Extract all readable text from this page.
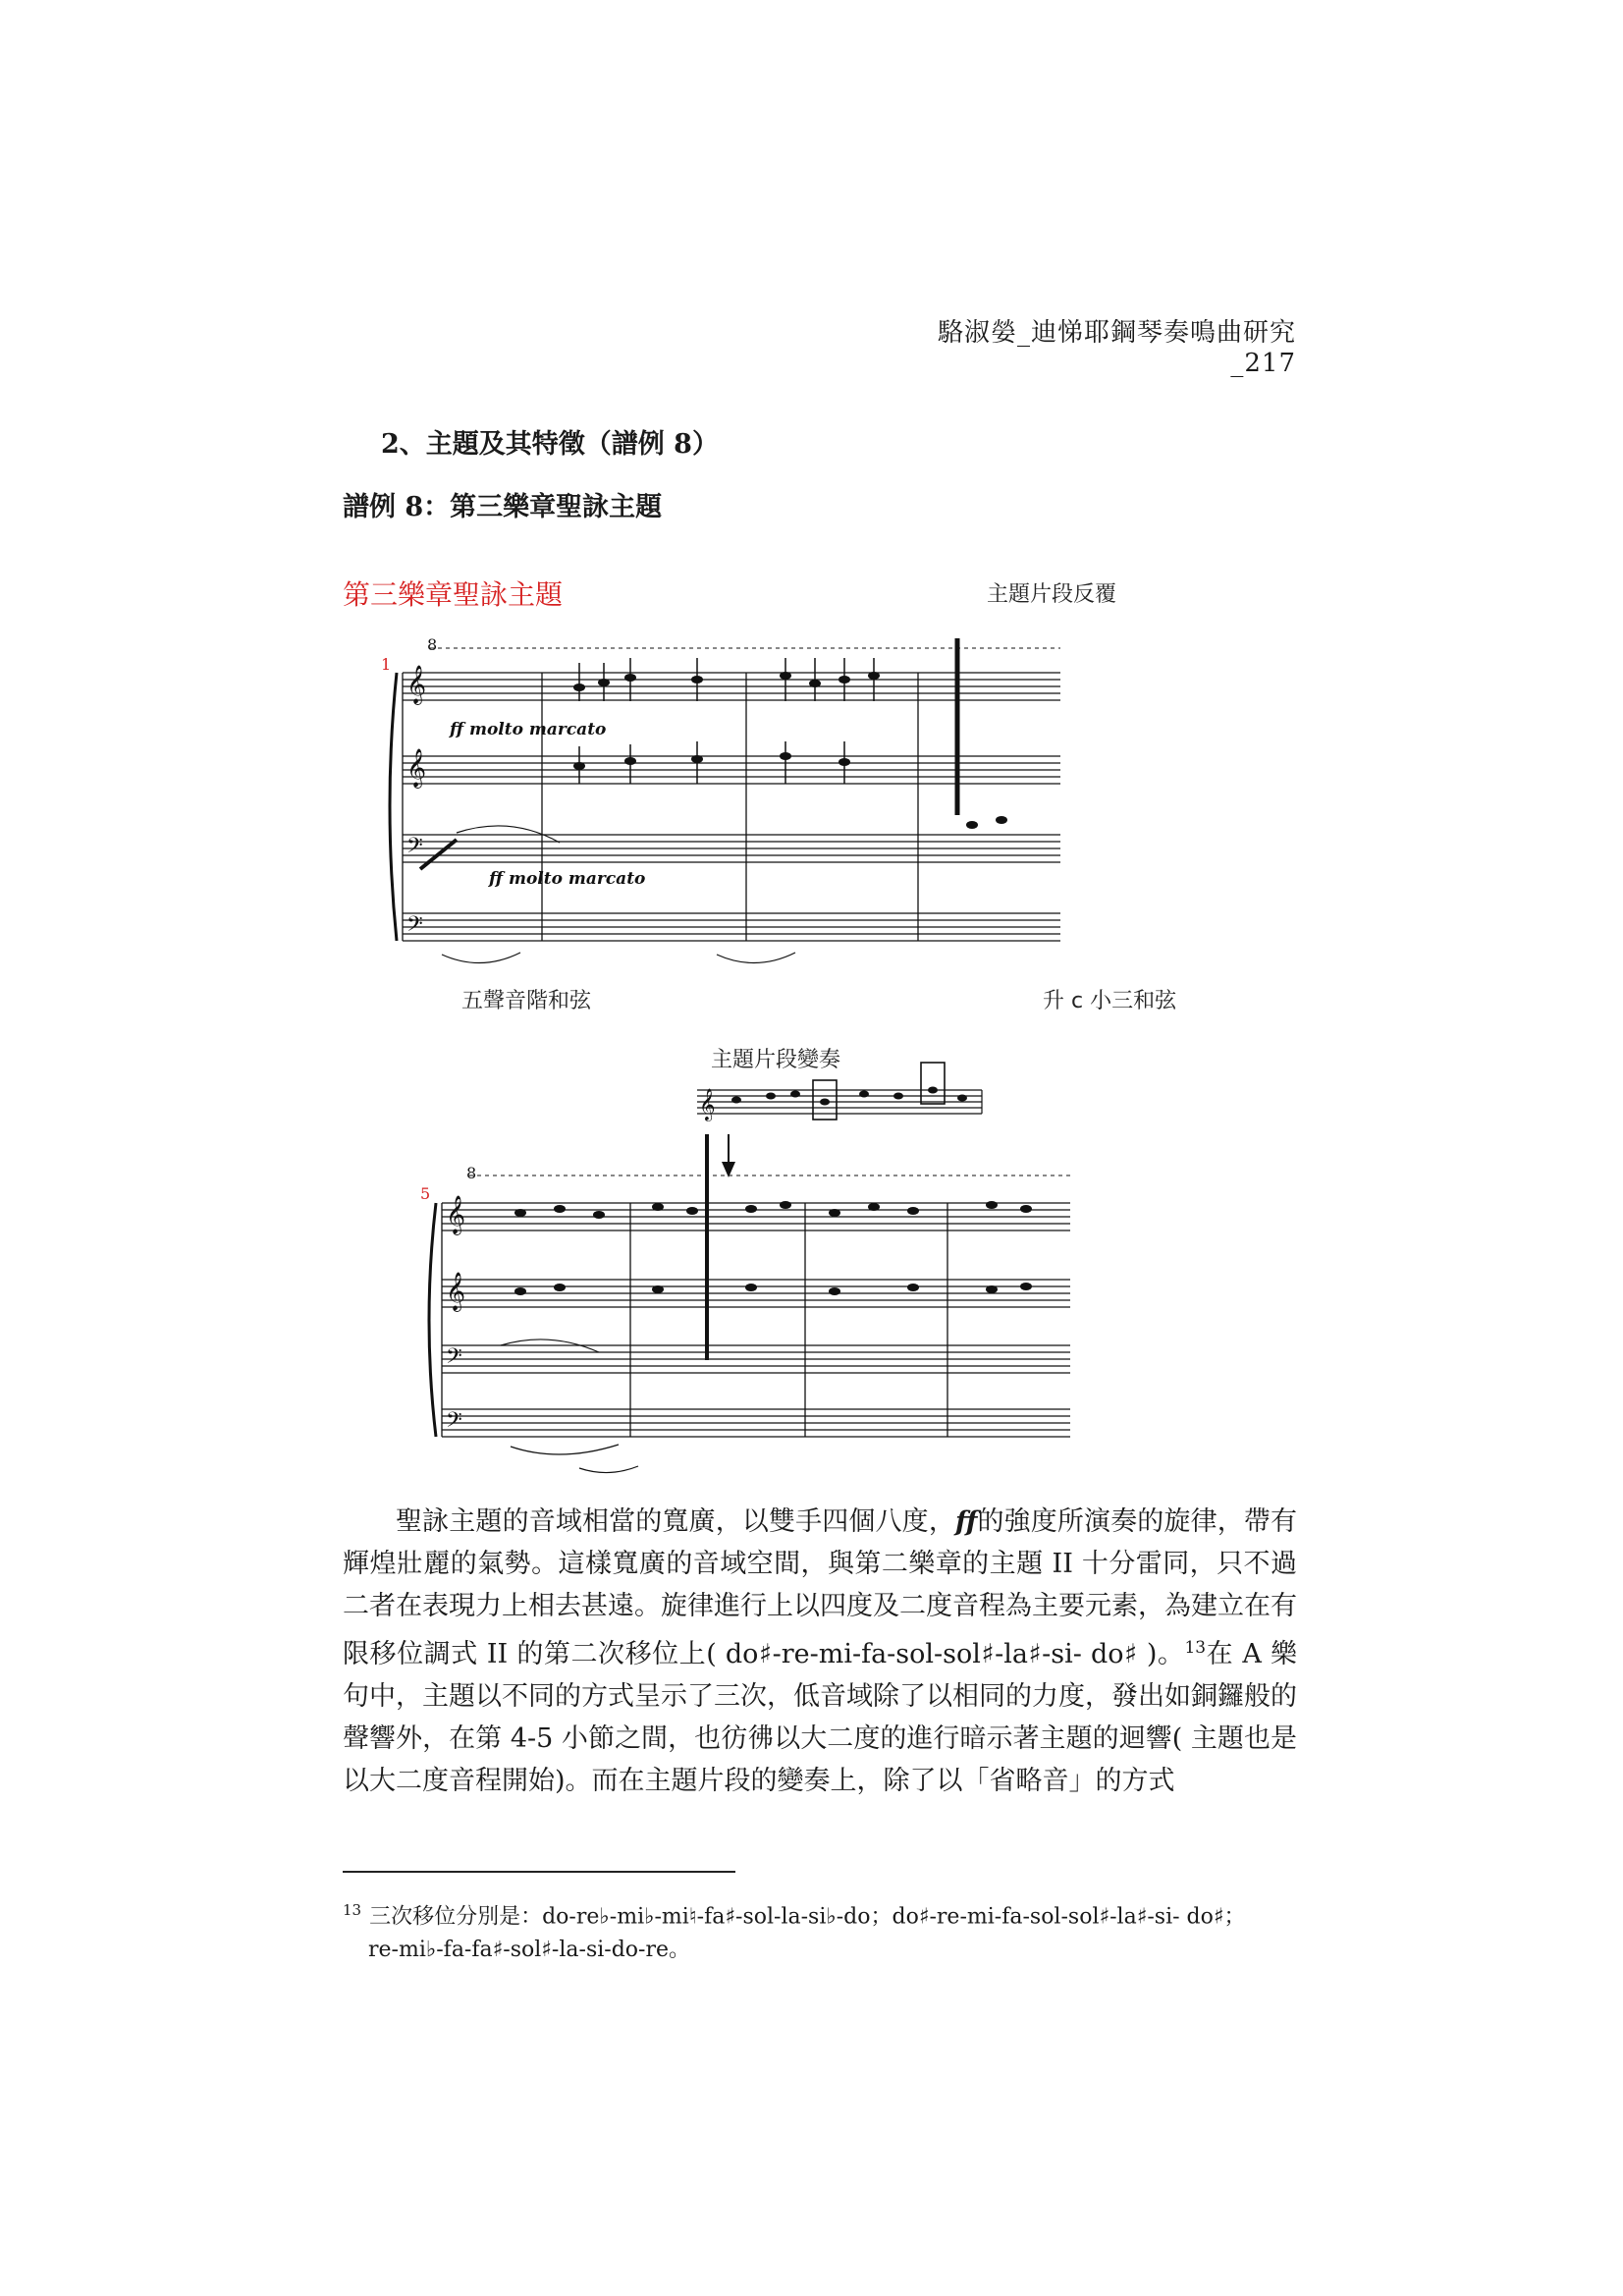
駱淑嫈_迪悌耶鋼琴奏鳴曲研究 _217
2、主題及其特徵（譜例 8）
譜例 8：第三樂章聖詠主題
第三樂章聖詠主題	主題片段反覆
8
1
ff molto marcato
ff molto marcato
𝄞
𝄞
𝄢
𝄢
五聲音階和弦	升 c 小三和弦
主題片段變奏
𝄞
8
5
𝄞
𝄞
𝄢
𝄢

聖詠主題的音域相當的寬廣，以雙手四個八度，ff的強度所演奏的旋律，帶有輝煌壯麗的氣勢。這樣寬廣的音域空間，與第二樂章的主題 II 十分雷同，只不過二者在表現力上相去甚遠。旋律進行上以四度及二度音程為主要元素，為建立在有限移位調式 II 的第二次移位上( do♯-re-mi-fa-sol-sol♯-la♯-si- do♯ )。$^{13}$在 A 樂句中，主題以不同的方式呈示了三次，低音域除了以相同的力度，發出如銅鑼般的聲響外，在第 4-5 小節之間，也彷彿以大二度的進行暗示著主題的迴響( 主題也是以大二度音程開始)。而在主題片段的變奏上，除了以「省略音」的方式

$^{13}$ 三次移位分別是：do-re♭-mi♭-mi♮-fa♯-sol-la-si♭-do；do♯-re-mi-fa-sol-sol♯-la♯-si- do♯；
re-mi♭-fa-fa♯-sol♯-la-si-do-re。
